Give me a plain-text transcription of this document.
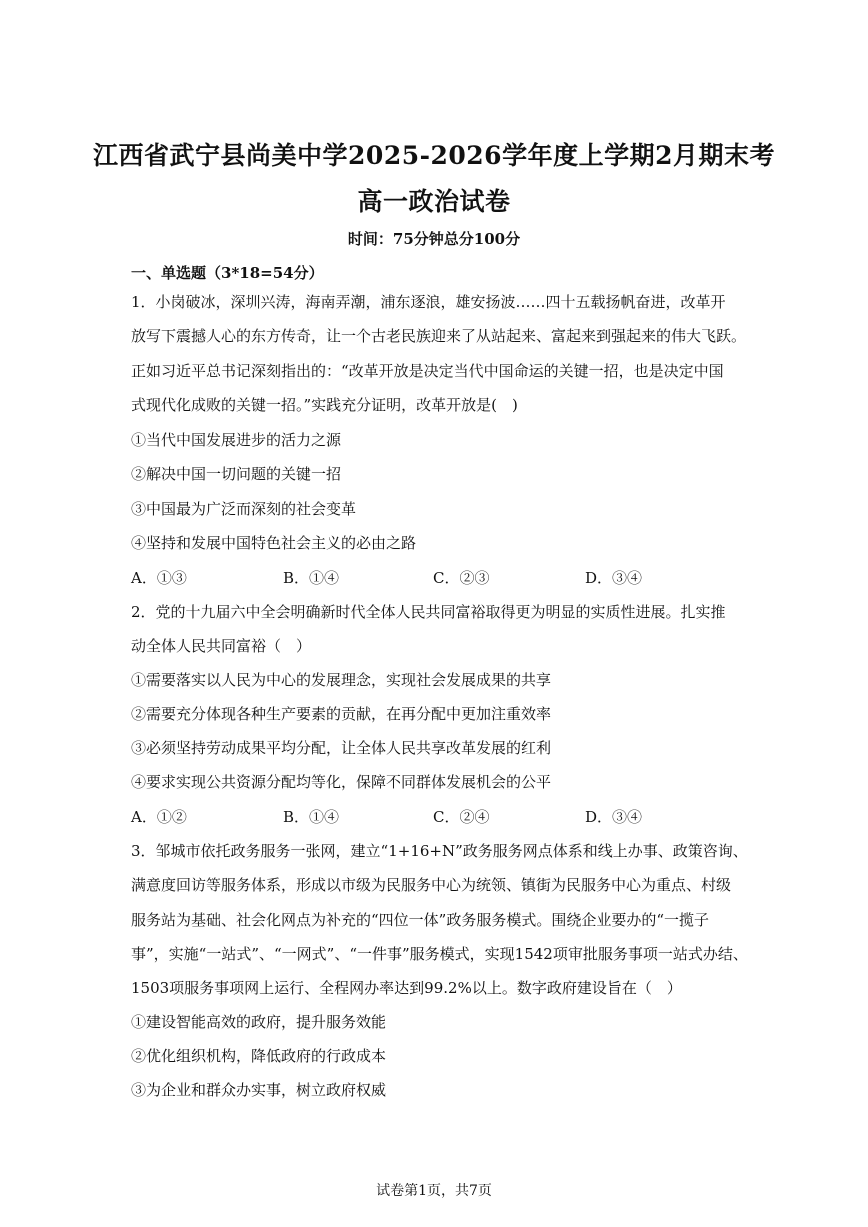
江西省武宁县尚美中学2025-2026学年度上学期2月期末考
高一政治试卷
时间：75分钟总分100分
一、单选题（3*18=54分）
1．小岗破冰，深圳兴涛，海南弄潮，浦东逐浪，雄安扬波……四十五载扬帆奋进，改革开
放写下震撼人心的东方传奇，让一个古老民族迎来了从站起来、富起来到强起来的伟大飞跃。
正如习近平总书记深刻指出的：“改革开放是决定当代中国命运的关键一招，也是决定中国
式现代化成败的关键一招。”实践充分证明，改革开放是(　)
①当代中国发展进步的活力之源
②解决中国一切问题的关键一招
③中国最为广泛而深刻的社会变革
④坚持和发展中国特色社会主义的必由之路
A．①③	B．①④	C．②③	D．③④
2．党的十九届六中全会明确新时代全体人民共同富裕取得更为明显的实质性进展。扎实推
动全体人民共同富裕（　）
①需要落实以人民为中心的发展理念，实现社会发展成果的共享
②需要充分体现各种生产要素的贡献，在再分配中更加注重效率
③必须坚持劳动成果平均分配，让全体人民共享改革发展的红利
④要求实现公共资源分配均等化，保障不同群体发展机会的公平
A．①②	B．①④	C．②④	D．③④
3．邹城市依托政务服务一张网，建立“1+16+N”政务服务网点体系和线上办事、政策咨询、
满意度回访等服务体系，形成以市级为民服务中心为统领、镇街为民服务中心为重点、村级
服务站为基础、社会化网点为补充的“四位一体”政务服务模式。围绕企业要办的“一揽子
事”，实施“一站式”、“一网式”、“一件事”服务模式，实现1542项审批服务事项一站式办结、
1503项服务事项网上运行、全程网办率达到99.2%以上。数字政府建设旨在（　）
①建设智能高效的政府，提升服务效能
②优化组织机构，降低政府的行政成本
③为企业和群众办实事，树立政府权威
试卷第1页，共7页
